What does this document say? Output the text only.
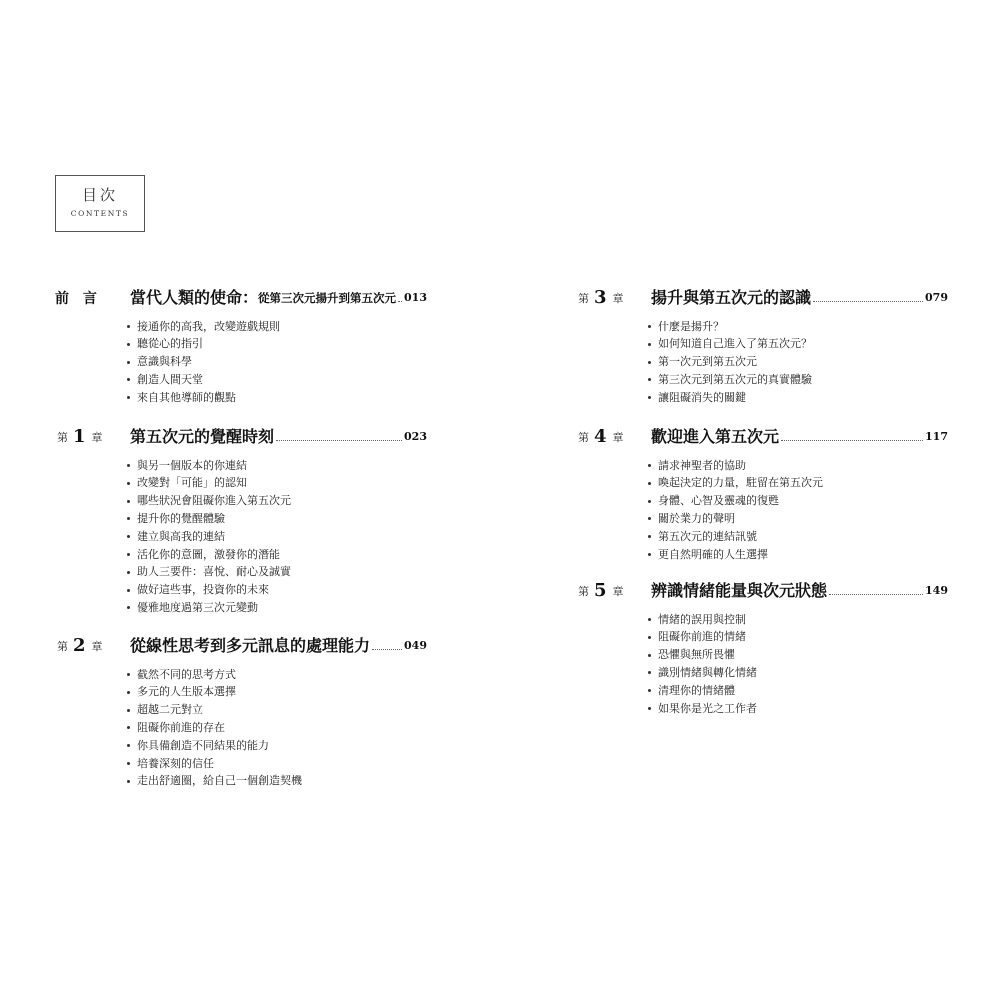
目次
CONTENTS
前 言	當代人類的使命： 從第三次元揚升到第五次元 013
接通你的高我，改變遊戲規則
聽從心的指引
意識與科學
創造人間天堂
來自其他導師的觀點
第 1 章 第五次元的覺醒時刻	023
與另一個版本的你連結
改變對「可能」的認知
哪些狀況會阻礙你進入第五次元
提升你的覺醒體驗
建立與高我的連結
活化你的意圖，激發你的潛能
助人三要件：喜悅、耐心及誠實
做好這些事，投資你的未來
優雅地度過第三次元變動
第 2 章 從線性思考到多元訊息的處理能力	049
截然不同的思考方式
多元的人生版本選擇
超越二元對立
阻礙你前進的存在
你具備創造不同結果的能力
培養深刻的信任
走出舒適圈，給自己一個創造契機
第 3 章 揚升與第五次元的認識	079
什麼是揚升？
如何知道自己進入了第五次元？
第一次元到第五次元
第三次元到第五次元的真實體驗
讓阻礙消失的關鍵
第 4 章 歡迎進入第五次元	117
請求神聖者的協助
喚起決定的力量，駐留在第五次元
身體、心智及靈魂的復甦
關於業力的聲明
第五次元的連結訊號
更自然明確的人生選擇
第 5 章 辨識情緒能量與次元狀態	149
情緒的誤用與控制
阻礙你前進的情緒
恐懼與無所畏懼
識別情緒與轉化情緒
清理你的情緒體
如果你是光之工作者
